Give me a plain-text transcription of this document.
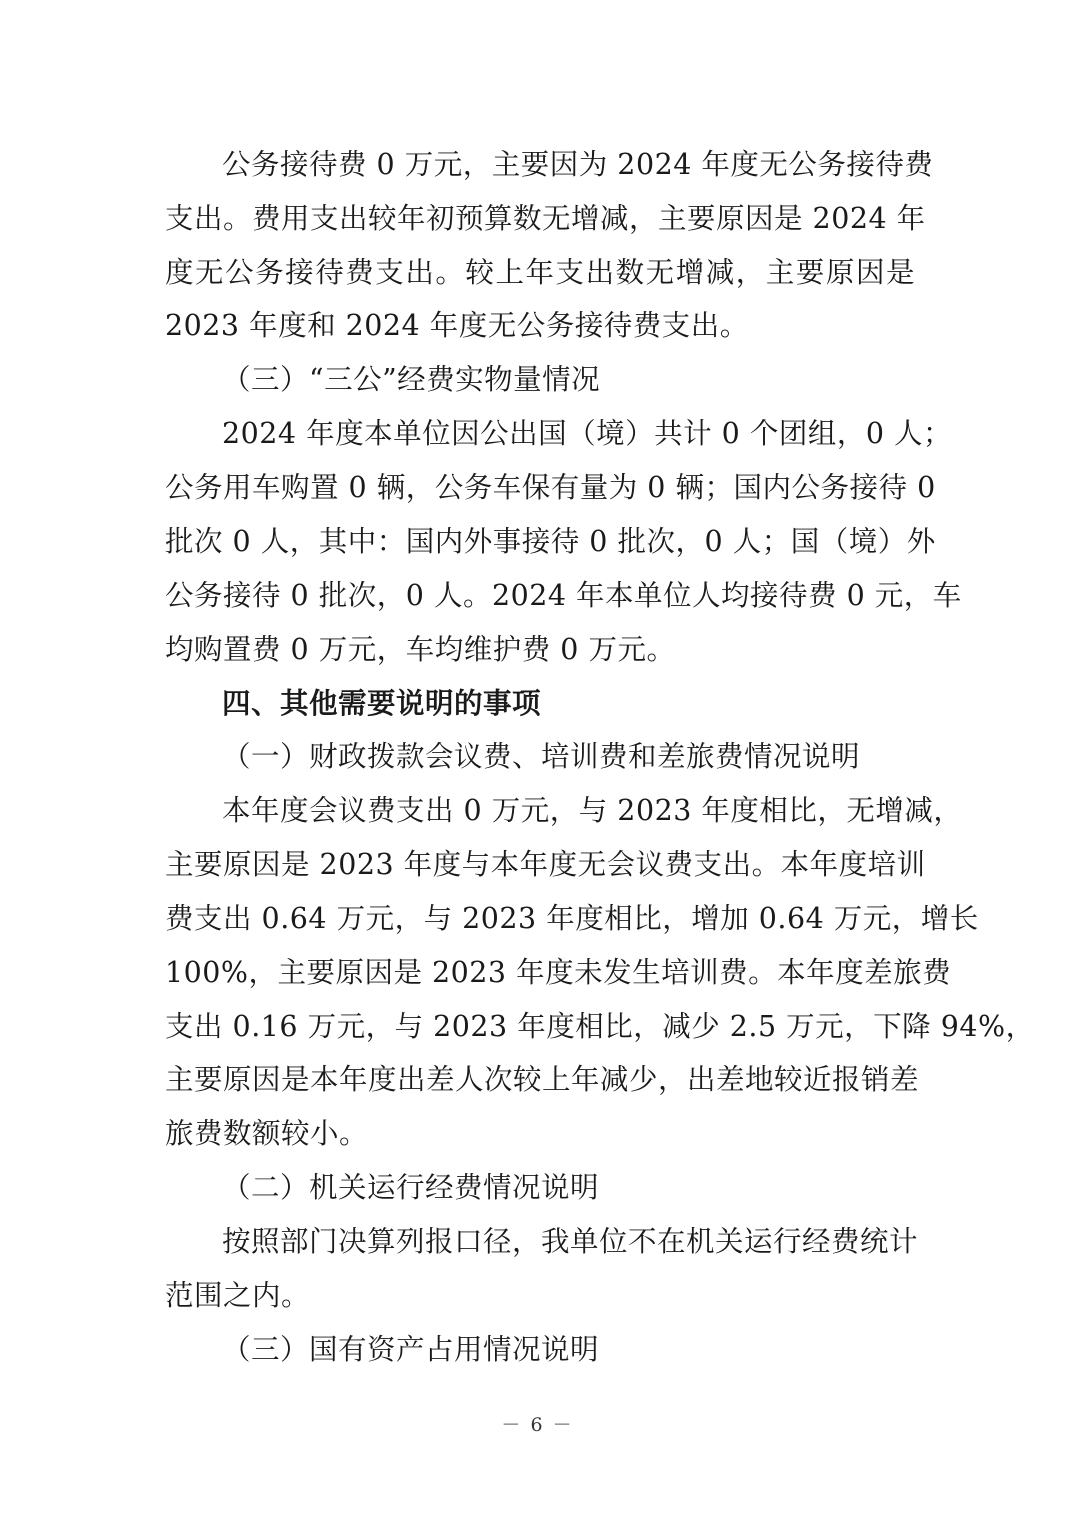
公务接待费 0 万元，主要因为 2024 年度无公务接待费
支出。费用支出较年初预算数无增减，主要原因是 2024 年
度无公务接待费支出。较上年支出数无增减，主要原因是
2023 年度和 2024 年度无公务接待费支出。
（三）“三公”经费实物量情况
2024 年度本单位因公出国（境）共计 0 个团组，0 人；
公务用车购置 0 辆，公务车保有量为 0 辆；国内公务接待 0
批次 0 人，其中：国内外事接待 0 批次，0 人；国（境）外
公务接待 0 批次，0 人。2024 年本单位人均接待费 0 元，车
均购置费 0 万元，车均维护费 0 万元。
四、其他需要说明的事项
（一）财政拨款会议费、培训费和差旅费情况说明
本年度会议费支出 0 万元，与 2023 年度相比，无增减，
主要原因是 2023 年度与本年度无会议费支出。本年度培训
费支出 0.64 万元，与 2023 年度相比，增加 0.64 万元，增长
100%，主要原因是 2023 年度未发生培训费。本年度差旅费
支出 0.16 万元，与 2023 年度相比，减少 2.5 万元，下降 94%，
主要原因是本年度出差人次较上年减少，出差地较近报销差
旅费数额较小。
（二）机关运行经费情况说明
按照部门决算列报口径，我单位不在机关运行经费统计
范围之内。
（三）国有资产占用情况说明
－ 6 －
